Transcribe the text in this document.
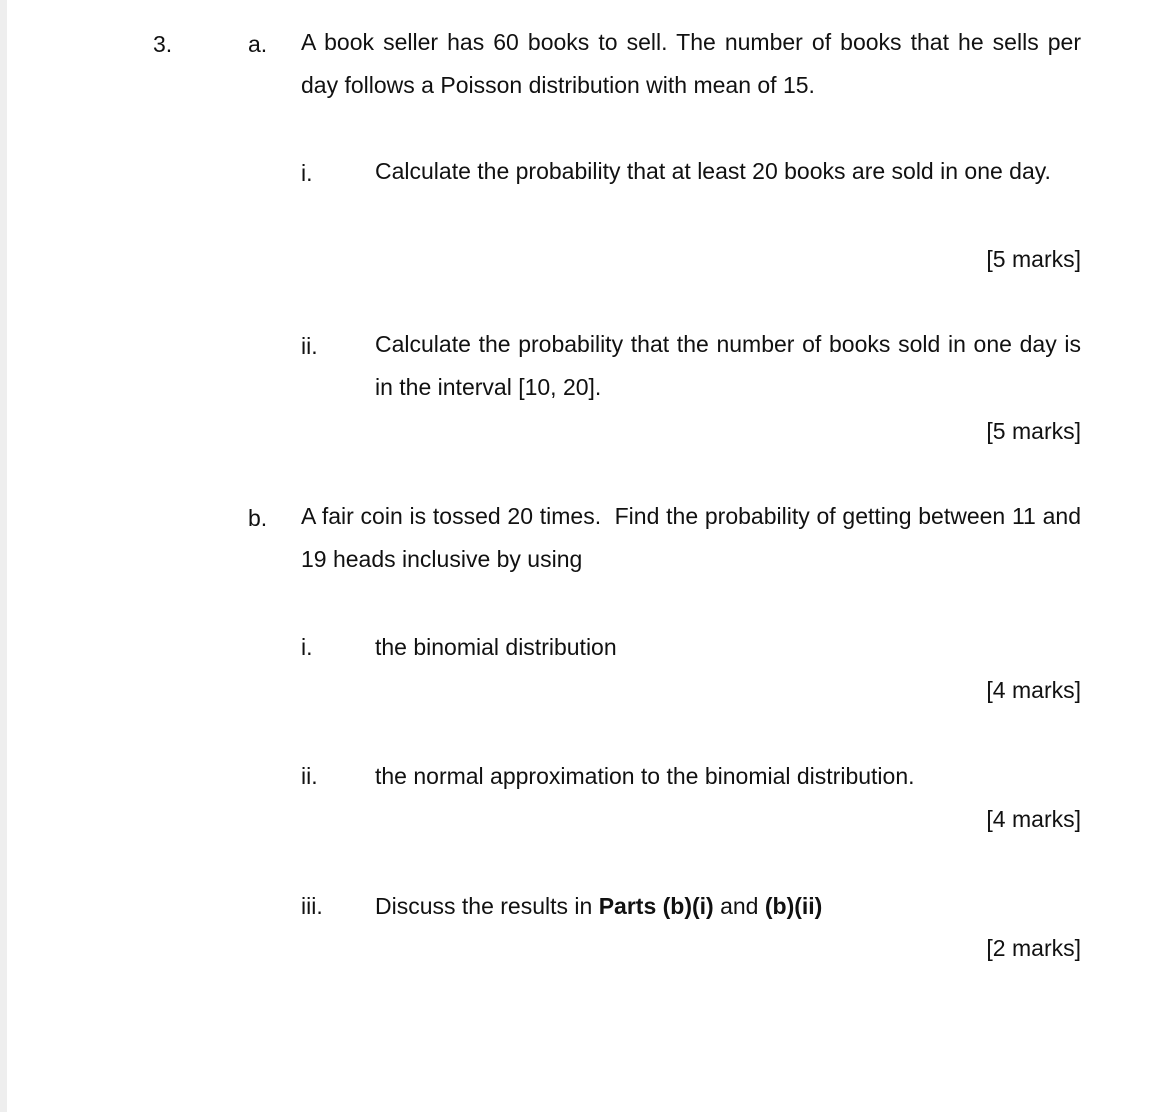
3.	a. A book seller has 60 books to sell. The number of books that he sells per day follows a Poisson distribution with mean of 15.
i.	Calculate the probability that at least 20 books are sold in one day.
[5 marks]
ii. Calculate the probability that the number of books sold in one day is in the interval [10, 20].
[5 marks]
b. A fair coin is tossed 20 times.  Find the probability of getting between 11 and 19 heads inclusive by using
i.	the binomial distribution
[4 marks]
ii. the normal approximation to the binomial distribution.
[4 marks]
iii. Discuss the results in Parts (b)(i) and (b)(ii)
[2 marks]
